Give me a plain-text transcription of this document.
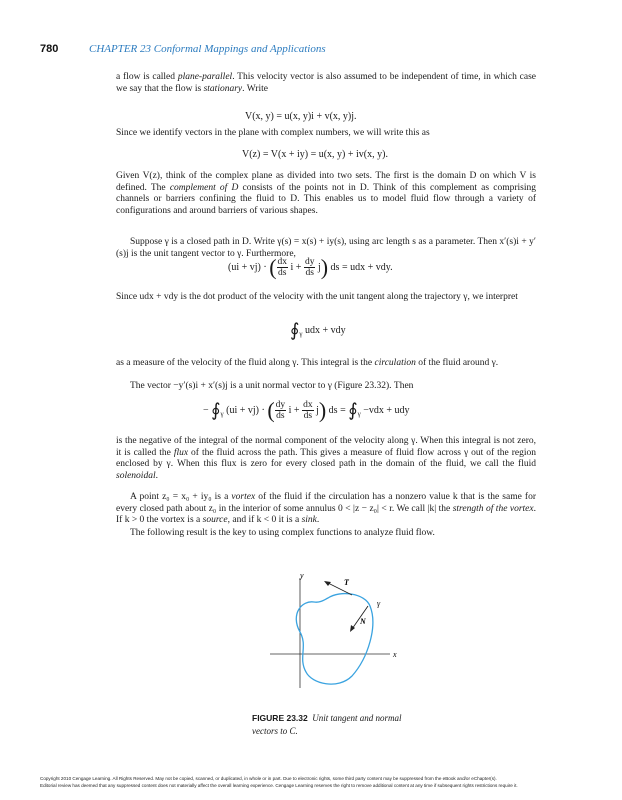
780	CHAPTER 23 Conformal Mappings and Applications

a flow is called plane-parallel. This velocity vector is also assumed to be independent of time, in which case we say that the flow is stationary. Write

V(x, y) = u(x, y)i + v(x, y)j.

Since we identify vectors in the plane with complex numbers, we will write this as

V(z) = V(x + iy) = u(x, y) + iv(x, y).

Given V(z), think of the complex plane as divided into two sets. The first is the domain D on which V is defined. The complement of D consists of the points not in D. Think of this complement as comprising channels or barriers confining the fluid to D. This enables us to model fluid flow through a variety of configurations and around barriers of various shapes.

Suppose γ is a closed path in D. Write γ(s) = x(s) + iy(s), using arc length s as a parameter. Then x′(s)i + y′(s)j is the unit tangent vector to γ. Furthermore,

(ui + vj) · ( $\frac{dx}{ds}$ $i + \frac{dy}{ds} j$) ds = udx + vdy.

Since udx + vdy is the dot product of the velocity with the unit tangent along the trajectory γ, we interpret

$∮_\gamma$ udx + vdy

as a measure of the velocity of the fluid along γ. This integral is the circulation of the fluid around γ.

The vector −y′(s)i + x′(s)j is a unit normal vector to γ (Figure 23.32). Then

− $∮_\gamma$ (ui + vj) · ( $\frac{dy}{ds}$ $i + \frac{dx}{ds} j$) ds = $∮_\gamma -vdx$ + udy

is the negative of the integral of the normal component of the velocity along γ. When this integral is not zero, it is called the flux of the fluid across the path. This gives a measure of fluid flow across γ out of the region enclosed by γ. When this flux is zero for every closed path in the domain of the fluid, we call the fluid solenoidal.

A point z₀ = x₀ + iy₀ is a vortex of the fluid if the circulation has a nonzero value k that is the same for every closed path about z₀ in the interior of some annulus 0 < |z − z₀| < r. We call |k| the strength of the vortex. If k > 0 the vortex is a source, and if k < 0 it is a sink.

The following result is the key to using complex functions to analyze fluid flow.

y
x
T
N
γ
FIGURE 23.32 Unit tangent and normal vectors to C.
Copyright 2010 Cengage Learning. All Rights Reserved. May not be copied, scanned, or duplicated, in whole or in part. Due to electronic rights, some third party content may be suppressed from the eBook and/or eChapter(s).
Editorial review has deemed that any suppressed content does not materially affect the overall learning experience. Cengage Learning reserves the right to remove additional content at any time if subsequent rights restrictions require it.
